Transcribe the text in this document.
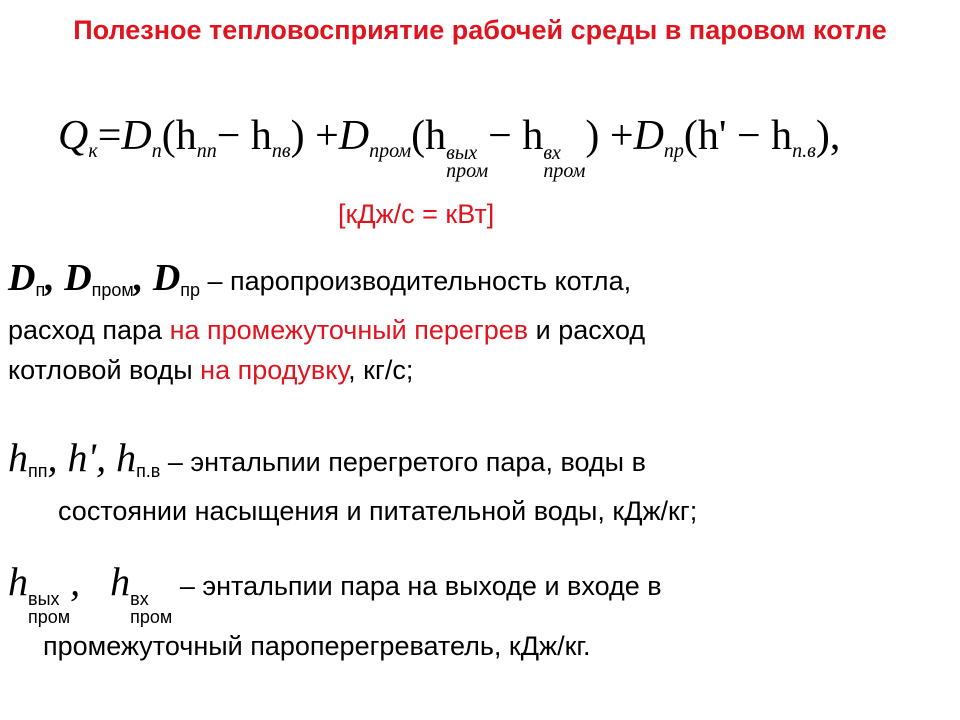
Полезное тепловосприятие рабочей среды в паровом котле
Qк=Dп(hпп− hпв) +Dпром(h вых
пром
− h вх
пром
) +Dпр(h' − hп.в),
[кДж/с = кВт]
$D_п$, $D_{пром}$, $D_{пр}$ – паропроизводительность котла,
расход пара на промежуточный перегрев и расход
котловой воды на продувку, кг/с;
$h_{пп}$, h', $h_{п.в}$ – энтальпии перегретого пара, воды в
состоянии насыщения и питательной воды, кДж/кг;
h вых
пром
,   h вх
пром
– энтальпии пара на выходе и входе в
промежуточный пароперегреватель, кДж/кг.
